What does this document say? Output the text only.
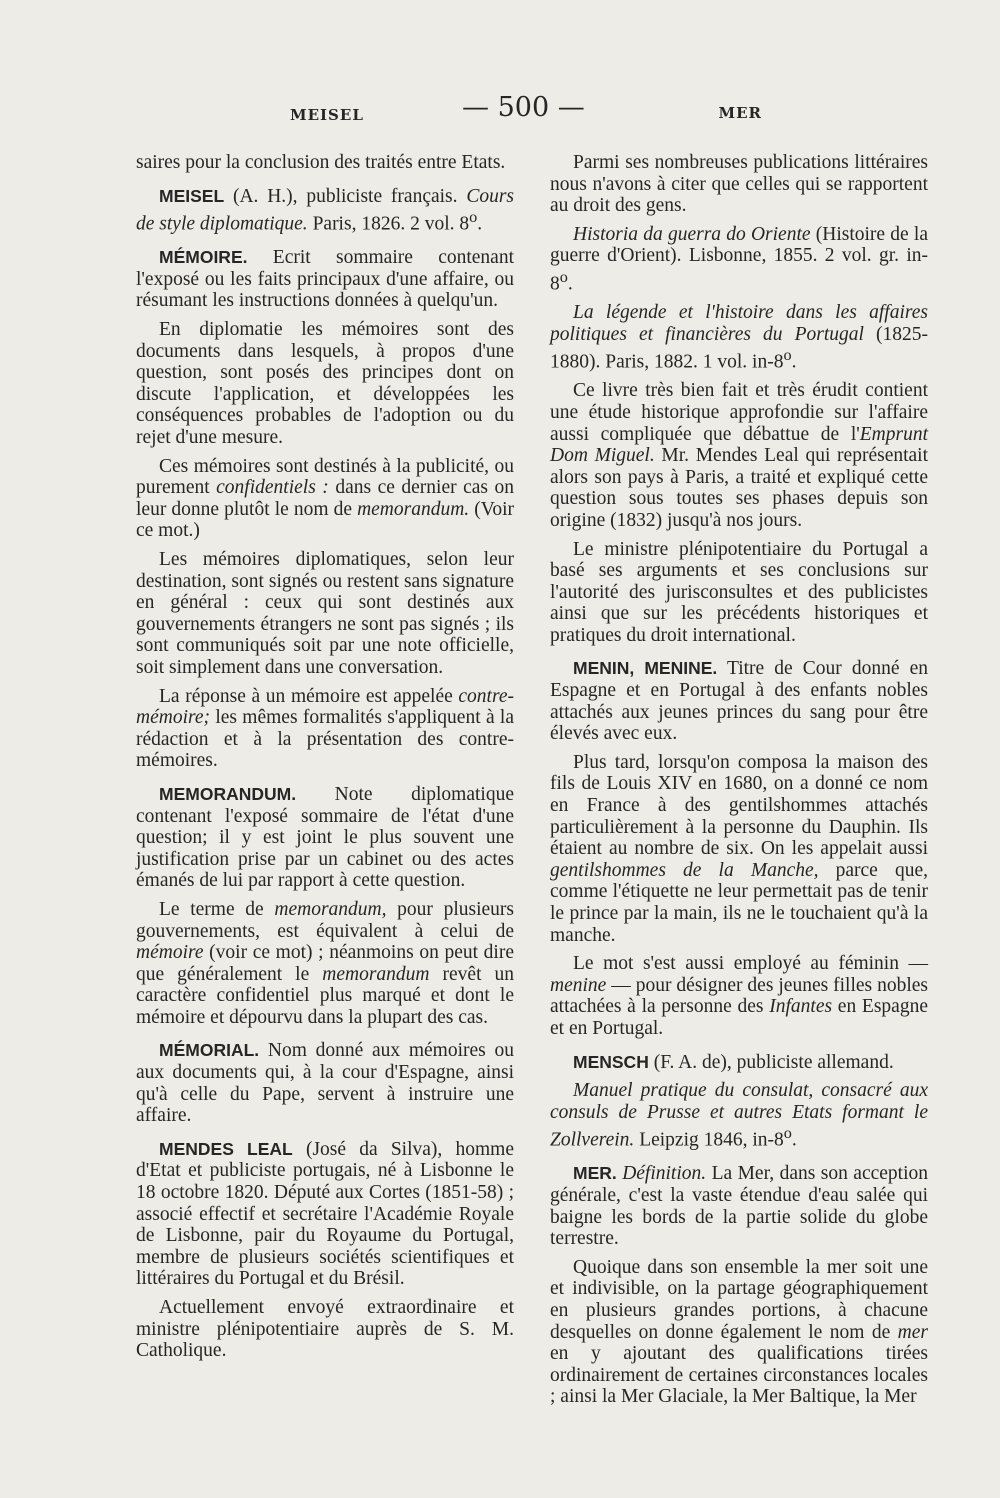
MEISEL	— 500 —	MER

saires pour la conclusion des traités entre Etats.

MEISEL (A. H.), publiciste français. Cours de style diplomatique. Paris, 1826. 2 vol. 8$^o$.

MÉMOIRE. Ecrit sommaire contenant l'exposé ou les faits principaux d'une affaire, ou résumant les instructions données à quelqu'un.

En diplomatie les mémoires sont des documents dans lesquels, à propos d'une question, sont posés des principes dont on discute l'application, et développées les conséquences probables de l'adoption ou du rejet d'une mesure.

Ces mémoires sont destinés à la publicité, ou purement confidentiels : dans ce dernier cas on leur donne plutôt le nom de memorandum. (Voir ce mot.)

Les mémoires diplomatiques, selon leur destination, sont signés ou restent sans signature en général : ceux qui sont destinés aux gouvernements étrangers ne sont pas signés ; ils sont communiqués soit par une note officielle, soit simplement dans une conversation.

La réponse à un mémoire est appelée contre-mémoire; les mêmes formalités s'appliquent à la rédaction et à la présentation des contre-mémoires.

MEMORANDUM. Note diplomatique contenant l'exposé sommaire de l'état d'une question; il y est joint le plus souvent une justification prise par un cabinet ou des actes émanés de lui par rapport à cette question.

Le terme de memorandum, pour plusieurs gouvernements, est équivalent à celui de mémoire (voir ce mot) ; néanmoins on peut dire que généralement le memorandum revêt un caractère confidentiel plus marqué et dont le mémoire et dépourvu dans la plupart des cas.

MÉMORIAL. Nom donné aux mémoires ou aux documents qui, à la cour d'Espagne, ainsi qu'à celle du Pape, servent à instruire une affaire.

MENDES LEAL (José da Silva), homme d'Etat et publiciste portugais, né à Lisbonne le 18 octobre 1820. Député aux Cortes (1851-58) ; associé effectif et secrétaire l'Académie Royale de Lisbonne, pair du Royaume du Portugal, membre de plusieurs sociétés scientifiques et littéraires du Portugal et du Brésil.

Actuellement envoyé extraordinaire et ministre plénipotentiaire auprès de S. M. Catholique.

Parmi ses nombreuses publications littéraires nous n'avons à citer que celles qui se rapportent au droit des gens.

Historia da guerra do Oriente (Histoire de la guerre d'Orient). Lisbonne, 1855. 2 vol. gr. in-8$^o$.

La légende et l'histoire dans les affaires politiques et financières du Portugal (1825-1880). Paris, 1882. 1 vol. in-8$^o$.

Ce livre très bien fait et très érudit contient une étude historique approfondie sur l'affaire aussi compliquée que débattue de l'Emprunt Dom Miguel. Mr. Mendes Leal qui représentait alors son pays à Paris, a traité et expliqué cette question sous toutes ses phases depuis son origine (1832) jusqu'à nos jours.

Le ministre plénipotentiaire du Portugal a basé ses arguments et ses conclusions sur l'autorité des jurisconsultes et des publicistes ainsi que sur les précédents historiques et pratiques du droit international.

MENIN, MENINE. Titre de Cour donné en Espagne et en Portugal à des enfants nobles attachés aux jeunes princes du sang pour être élevés avec eux.

Plus tard, lorsqu'on composa la maison des fils de Louis XIV en 1680, on a donné ce nom en France à des gentilshommes attachés particulièrement à la personne du Dauphin. Ils étaient au nombre de six. On les appelait aussi gentilshommes de la Manche, parce que, comme l'étiquette ne leur permettait pas de tenir le prince par la main, ils ne le touchaient qu'à la manche.

Le mot s'est aussi employé au féminin — menine — pour désigner des jeunes filles nobles attachées à la personne des Infantes en Espagne et en Portugal.

MENSCH (F. A. de), publiciste allemand.

Manuel pratique du consulat, consacré aux consuls de Prusse et autres Etats formant le Zollverein. Leipzig 1846, in-8$^o$.

MER. Définition. La Mer, dans son acception générale, c'est la vaste étendue d'eau salée qui baigne les bords de la partie solide du globe terrestre.

Quoique dans son ensemble la mer soit une et indivisible, on la partage géographiquement en plusieurs grandes portions, à chacune desquelles on donne également le nom de mer en y ajoutant des qualifications tirées ordinairement de certaines circonstances locales ; ainsi la Mer Glaciale, la Mer Baltique, la Mer
